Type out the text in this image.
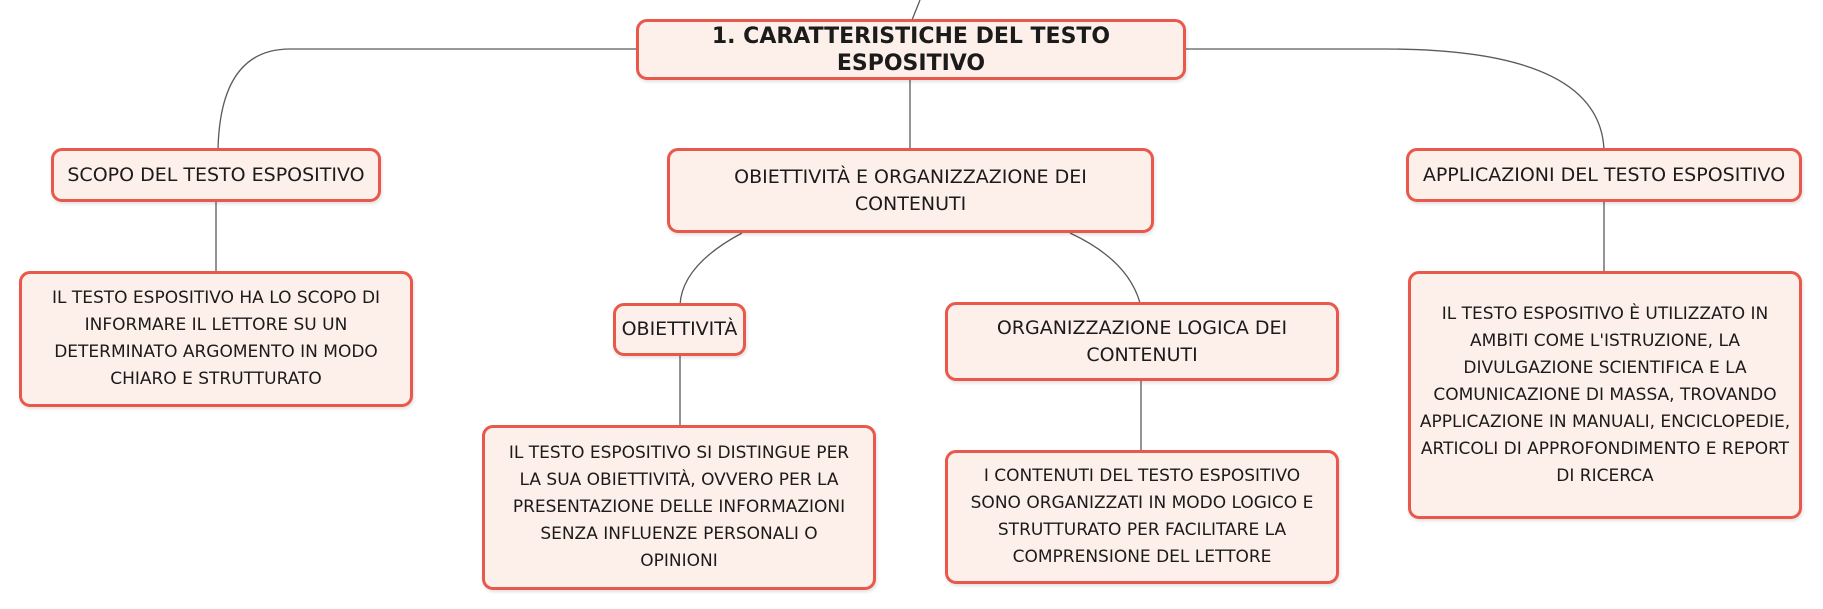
1. CARATTERISTICHE DEL TESTO ESPOSITIVO
SCOPO DEL TESTO ESPOSITIVO
IL TESTO ESPOSITIVO HA LO SCOPO DI INFORMARE IL LETTORE SU UN DETERMINATO ARGOMENTO IN MODO CHIARO E STRUTTURATO
OBIETTIVITÀ E ORGANIZZAZIONE DEI CONTENUTI
OBIETTIVITÀ
IL TESTO ESPOSITIVO SI DISTINGUE PER LA SUA OBIETTIVITÀ, OVVERO PER LA PRESENTAZIONE DELLE INFORMAZIONI SENZA INFLUENZE PERSONALI O OPINIONI
ORGANIZZAZIONE LOGICA DEI CONTENUTI
I CONTENUTI DEL TESTO ESPOSITIVO SONO ORGANIZZATI IN MODO LOGICO E STRUTTURATO PER FACILITARE LA COMPRENSIONE DEL LETTORE
APPLICAZIONI DEL TESTO ESPOSITIVO
IL TESTO ESPOSITIVO È UTILIZZATO IN AMBITI COME L'ISTRUZIONE, LA DIVULGAZIONE SCIENTIFICA E LA COMUNICAZIONE DI MASSA, TROVANDO APPLICAZIONE IN MANUALI, ENCICLOPEDIE, ARTICOLI DI APPROFONDIMENTO E REPORT DI RICERCA
